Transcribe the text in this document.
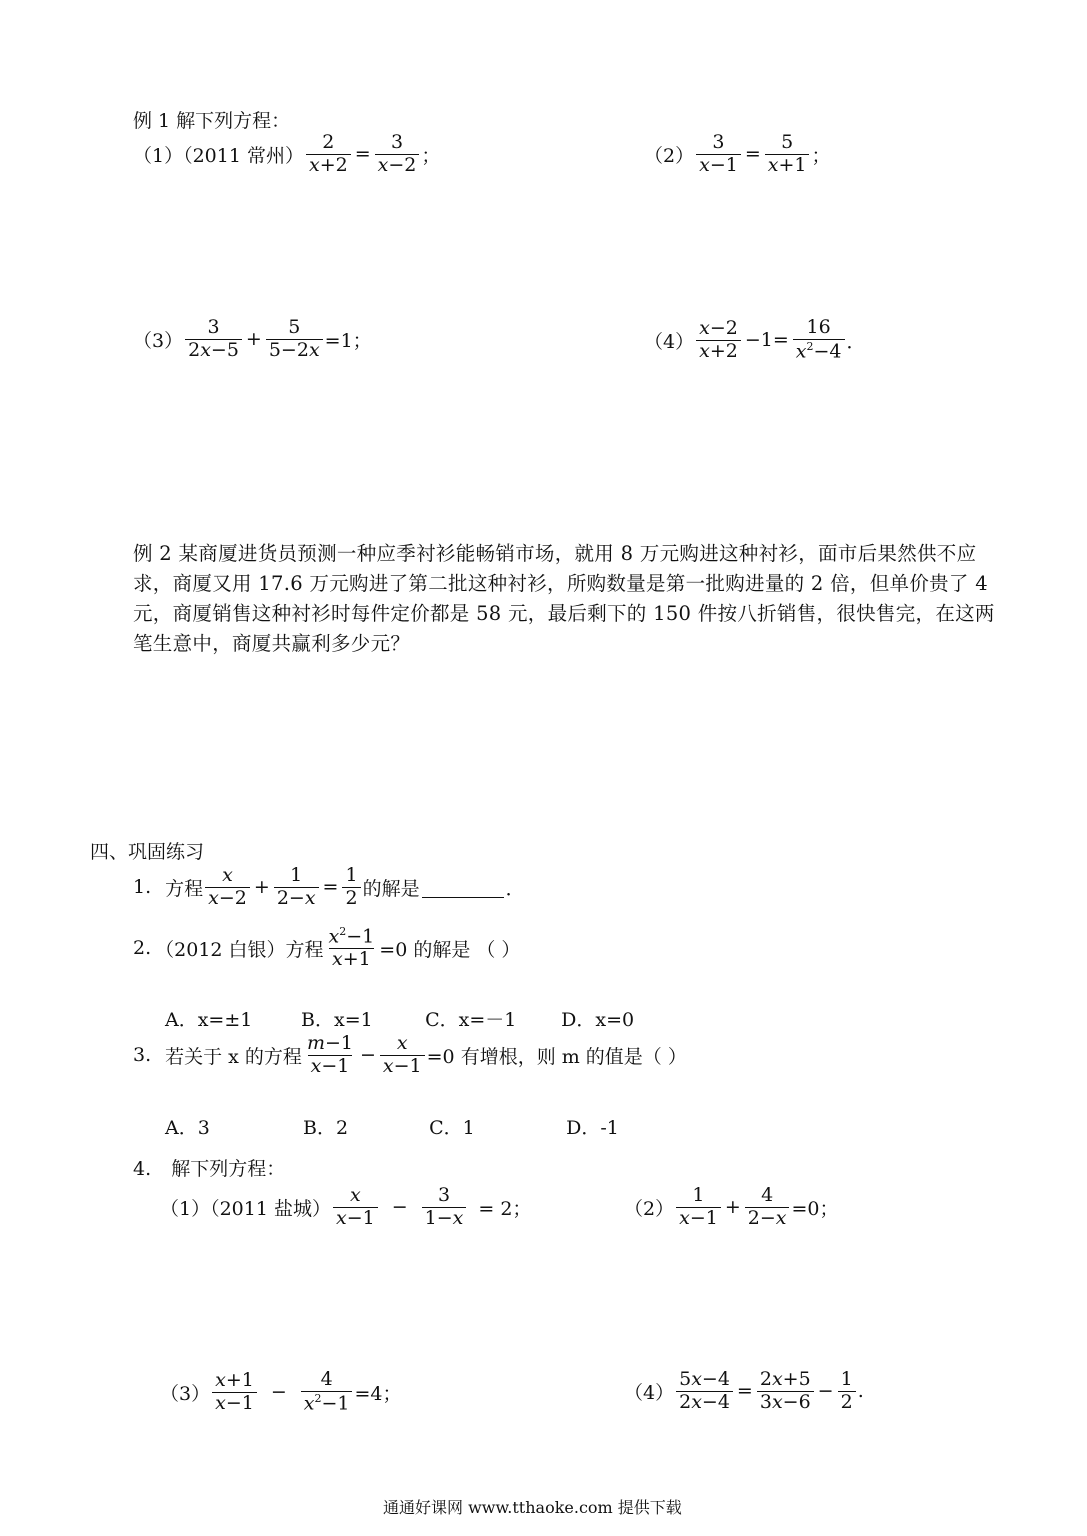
例 1 解下列方程：
（1）（2011 常州） $\frac{2}{x+2} = \frac{3}{x-2}$ ；	$(2) \frac{3}{x-1} = \frac{5}{x+1}$ ；
$(3) \frac{3}{2x-5} + \frac{5}{5-2x} =1$；	$(4) \frac{x-2}{x+2} -1= \frac{16}{x^2-4}$ ．
例 2 某商厦进货员预测一种应季衬衫能畅销市场，就用 8 万元购进这种衬衫，面市后果然供不应求，商厦又用 17.6 万元购进了第二批这种衬衫，所购数量是第一批购进量的 2 倍，但单价贵了 4 元，商厦销售这种衬衫时每件定价都是 58 元，最后剩下的 150 件按八折销售，很快售完，在这两笔生意中，商厦共赢利多少元？
四、巩固练习
1. 方程 $\frac{x}{x-2} + \frac{1}{2-x} = \frac{1}{2}$ 的解是	．
2. （2012 白银）方程 $\frac{x^2-1}{x+1} =0$ 的解是 （ ）
A．x=±1	B．x=1	C．x=－1 D．x=0
3. 若关于 x 的方程 $\frac{m-1}{x-1} - \frac{x}{x-1} =0$ 有增根，则 m 的值是（ ）
A．3	B．2	C．1	D．-1
4. 解下列方程：
（1）（2011 盐城） $\frac{x}{x-1} - \frac{3}{1-x} = 2$；	$(2) \frac{1}{x-1} + \frac{4}{2-x} =0$；
$(3) \frac{x+1}{x-1} - \frac{4}{x^2-1} =4$；	$(4) \frac{5x-4}{2x-4} = \frac{2x+5}{3x-6} - \frac{1}{2}$ .
通通好课网 www.tthaoke.com 提供下载
